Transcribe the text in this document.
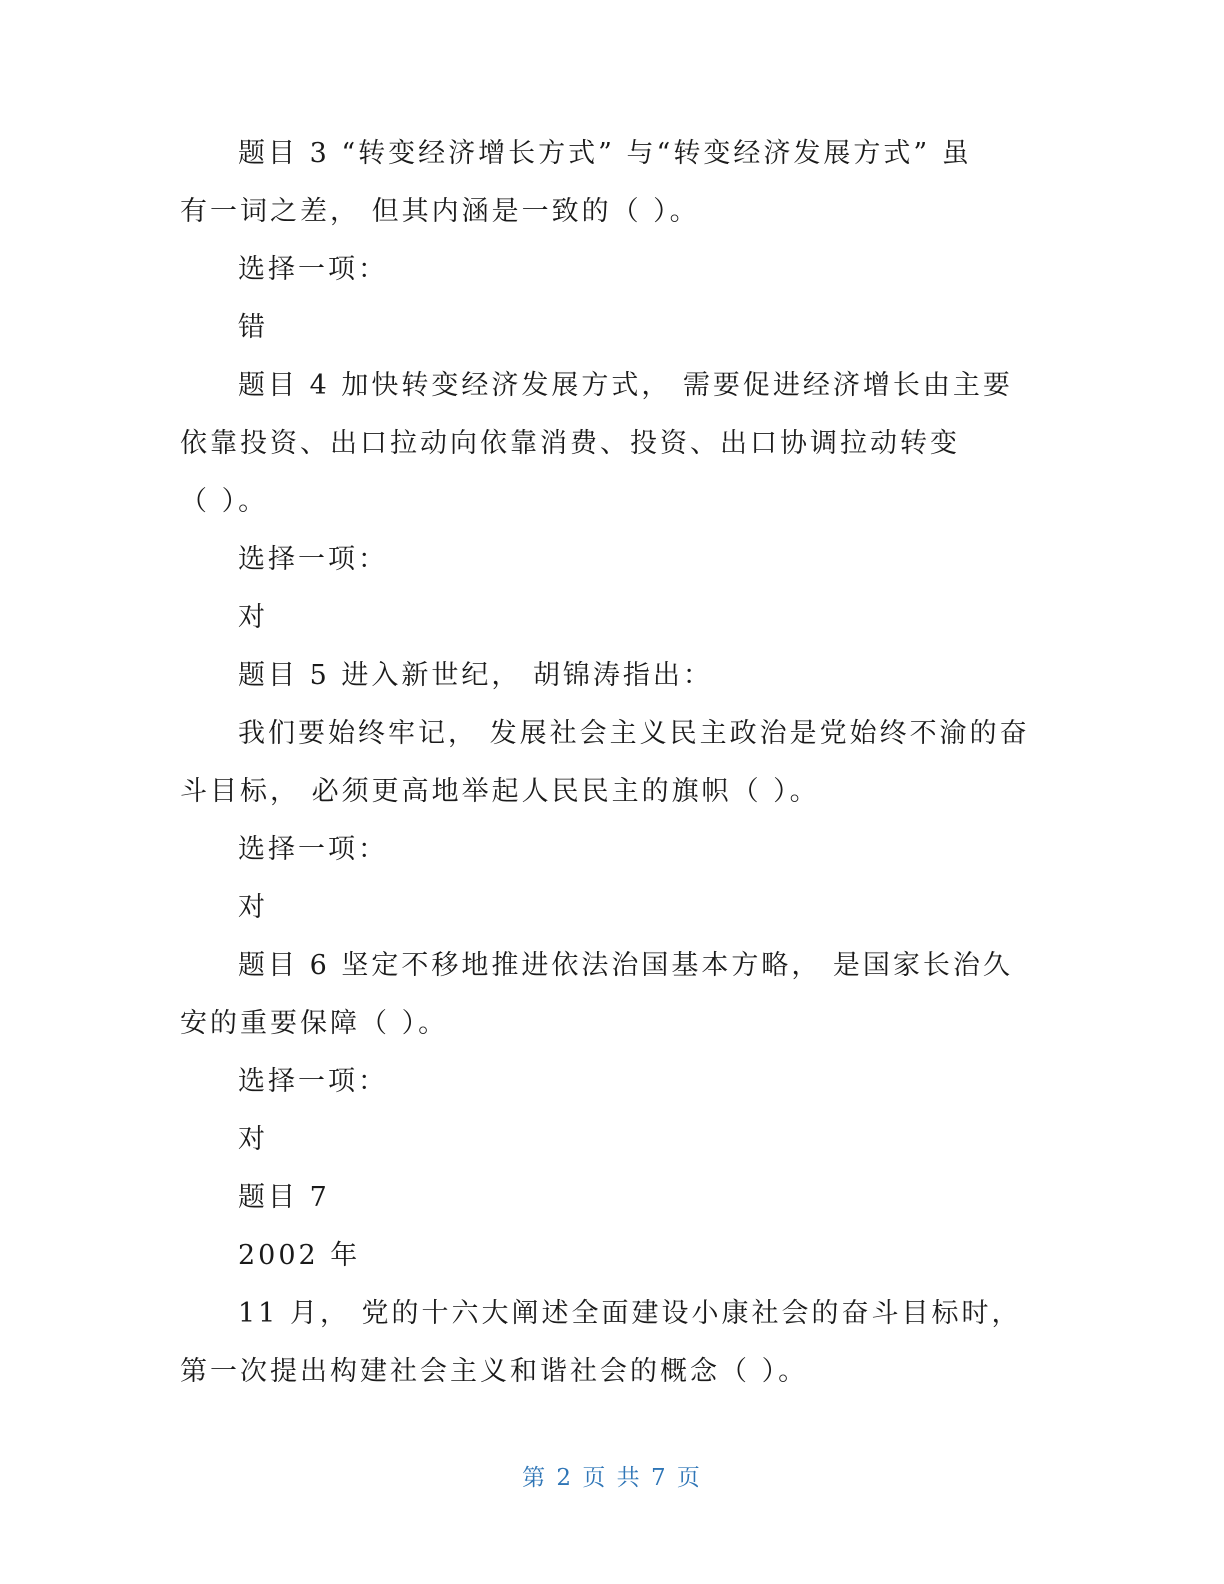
题目 3 “转变经济增长方式” 与“转变经济发展方式” 虽
有一词之差， 但其内涵是一致的（ ）。
选择一项：
错
题目 4 加快转变经济发展方式， 需要促进经济增长由主要
依靠投资、出口拉动向依靠消费、投资、出口协调拉动转变
（ ）。
选择一项：
对
题目 5 进入新世纪， 胡锦涛指出：
我们要始终牢记， 发展社会主义民主政治是党始终不渝的奋
斗目标， 必须更高地举起人民民主的旗帜（ ）。
选择一项：
对
题目 6 坚定不移地推进依法治国基本方略， 是国家长治久
安的重要保障（ ）。
选择一项：
对
题目 7
2002 年
11 月， 党的十六大阐述全面建设小康社会的奋斗目标时，
第一次提出构建社会主义和谐社会的概念（ ）。
第 2 页 共 7 页
